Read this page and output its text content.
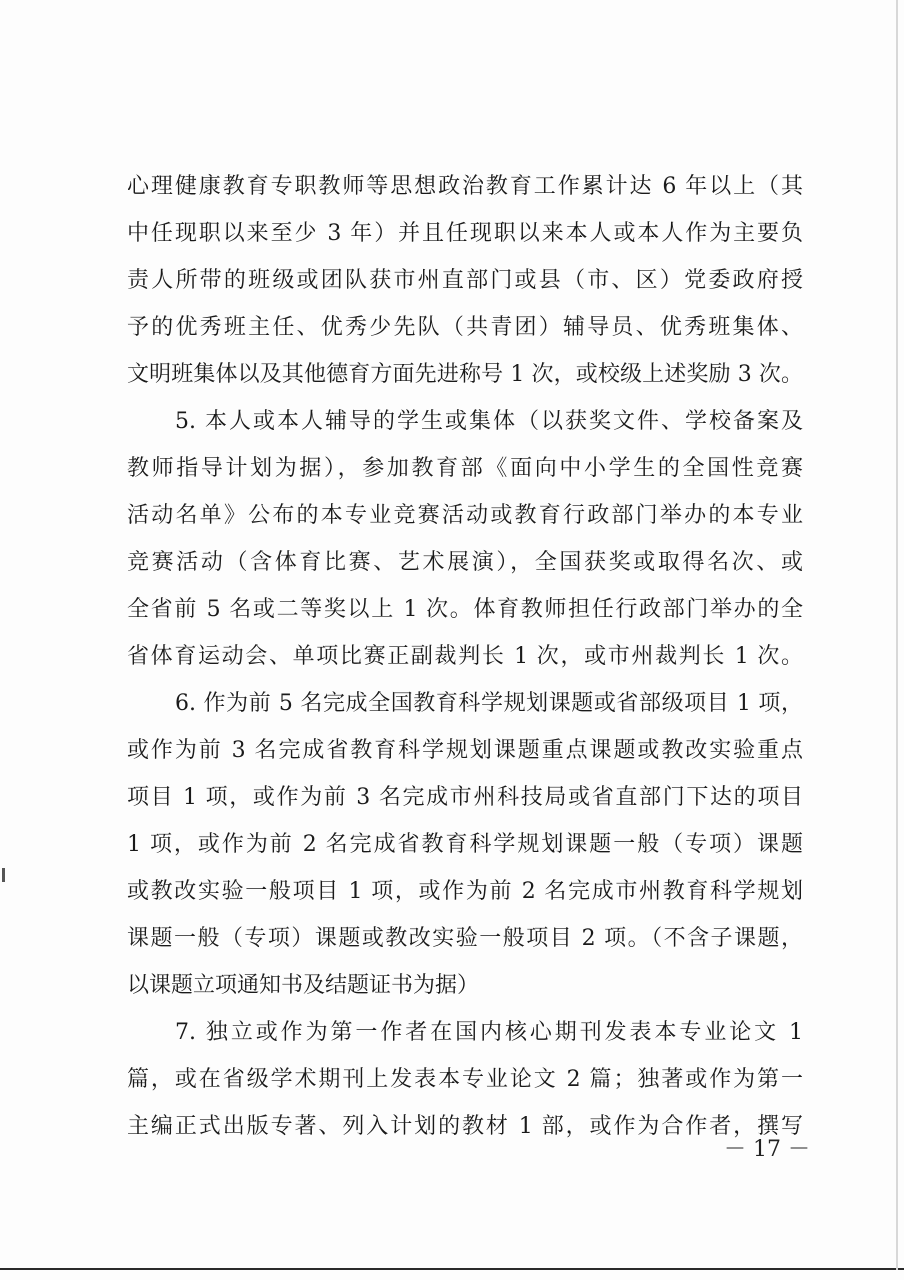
心理健康教育专职教师等思想政治教育工作累计达 6 年以上（其
中任现职以来至少 3 年）并且任现职以来本人或本人作为主要负
责人所带的班级或团队获市州直部门或县（市、区）党委政府授
予的优秀班主任、优秀少先队（共青团）辅导员、优秀班集体、
文明班集体以及其他德育方面先进称号 1 次，或校级上述奖励 3 次。
5. 本人或本人辅导的学生或集体（以获奖文件、学校备案及
教师指导计划为据），参加教育部《面向中小学生的全国性竞赛
活动名单》公布的本专业竞赛活动或教育行政部门举办的本专业
竞赛活动（含体育比赛、艺术展演），全国获奖或取得名次、或
全省前 5 名或二等奖以上 1 次。体育教师担任行政部门举办的全
省体育运动会、单项比赛正副裁判长 1 次，或市州裁判长 1 次。
6. 作为前 5 名完成全国教育科学规划课题或省部级项目 1 项，
或作为前 3 名完成省教育科学规划课题重点课题或教改实验重点
项目 1 项，或作为前 3 名完成市州科技局或省直部门下达的项目
1 项，或作为前 2 名完成省教育科学规划课题一般（专项）课题
或教改实验一般项目 1 项，或作为前 2 名完成市州教育科学规划
课题一般（专项）课题或教改实验一般项目 2 项。（不含子课题，
以课题立项通知书及结题证书为据）
7. 独立或作为第一作者在国内核心期刊发表本专业论文 1
篇，或在省级学术期刊上发表本专业论文 2 篇；独著或作为第一
主编正式出版专著、列入计划的教材 1 部，或作为合作者，撰写
－ 17 －
